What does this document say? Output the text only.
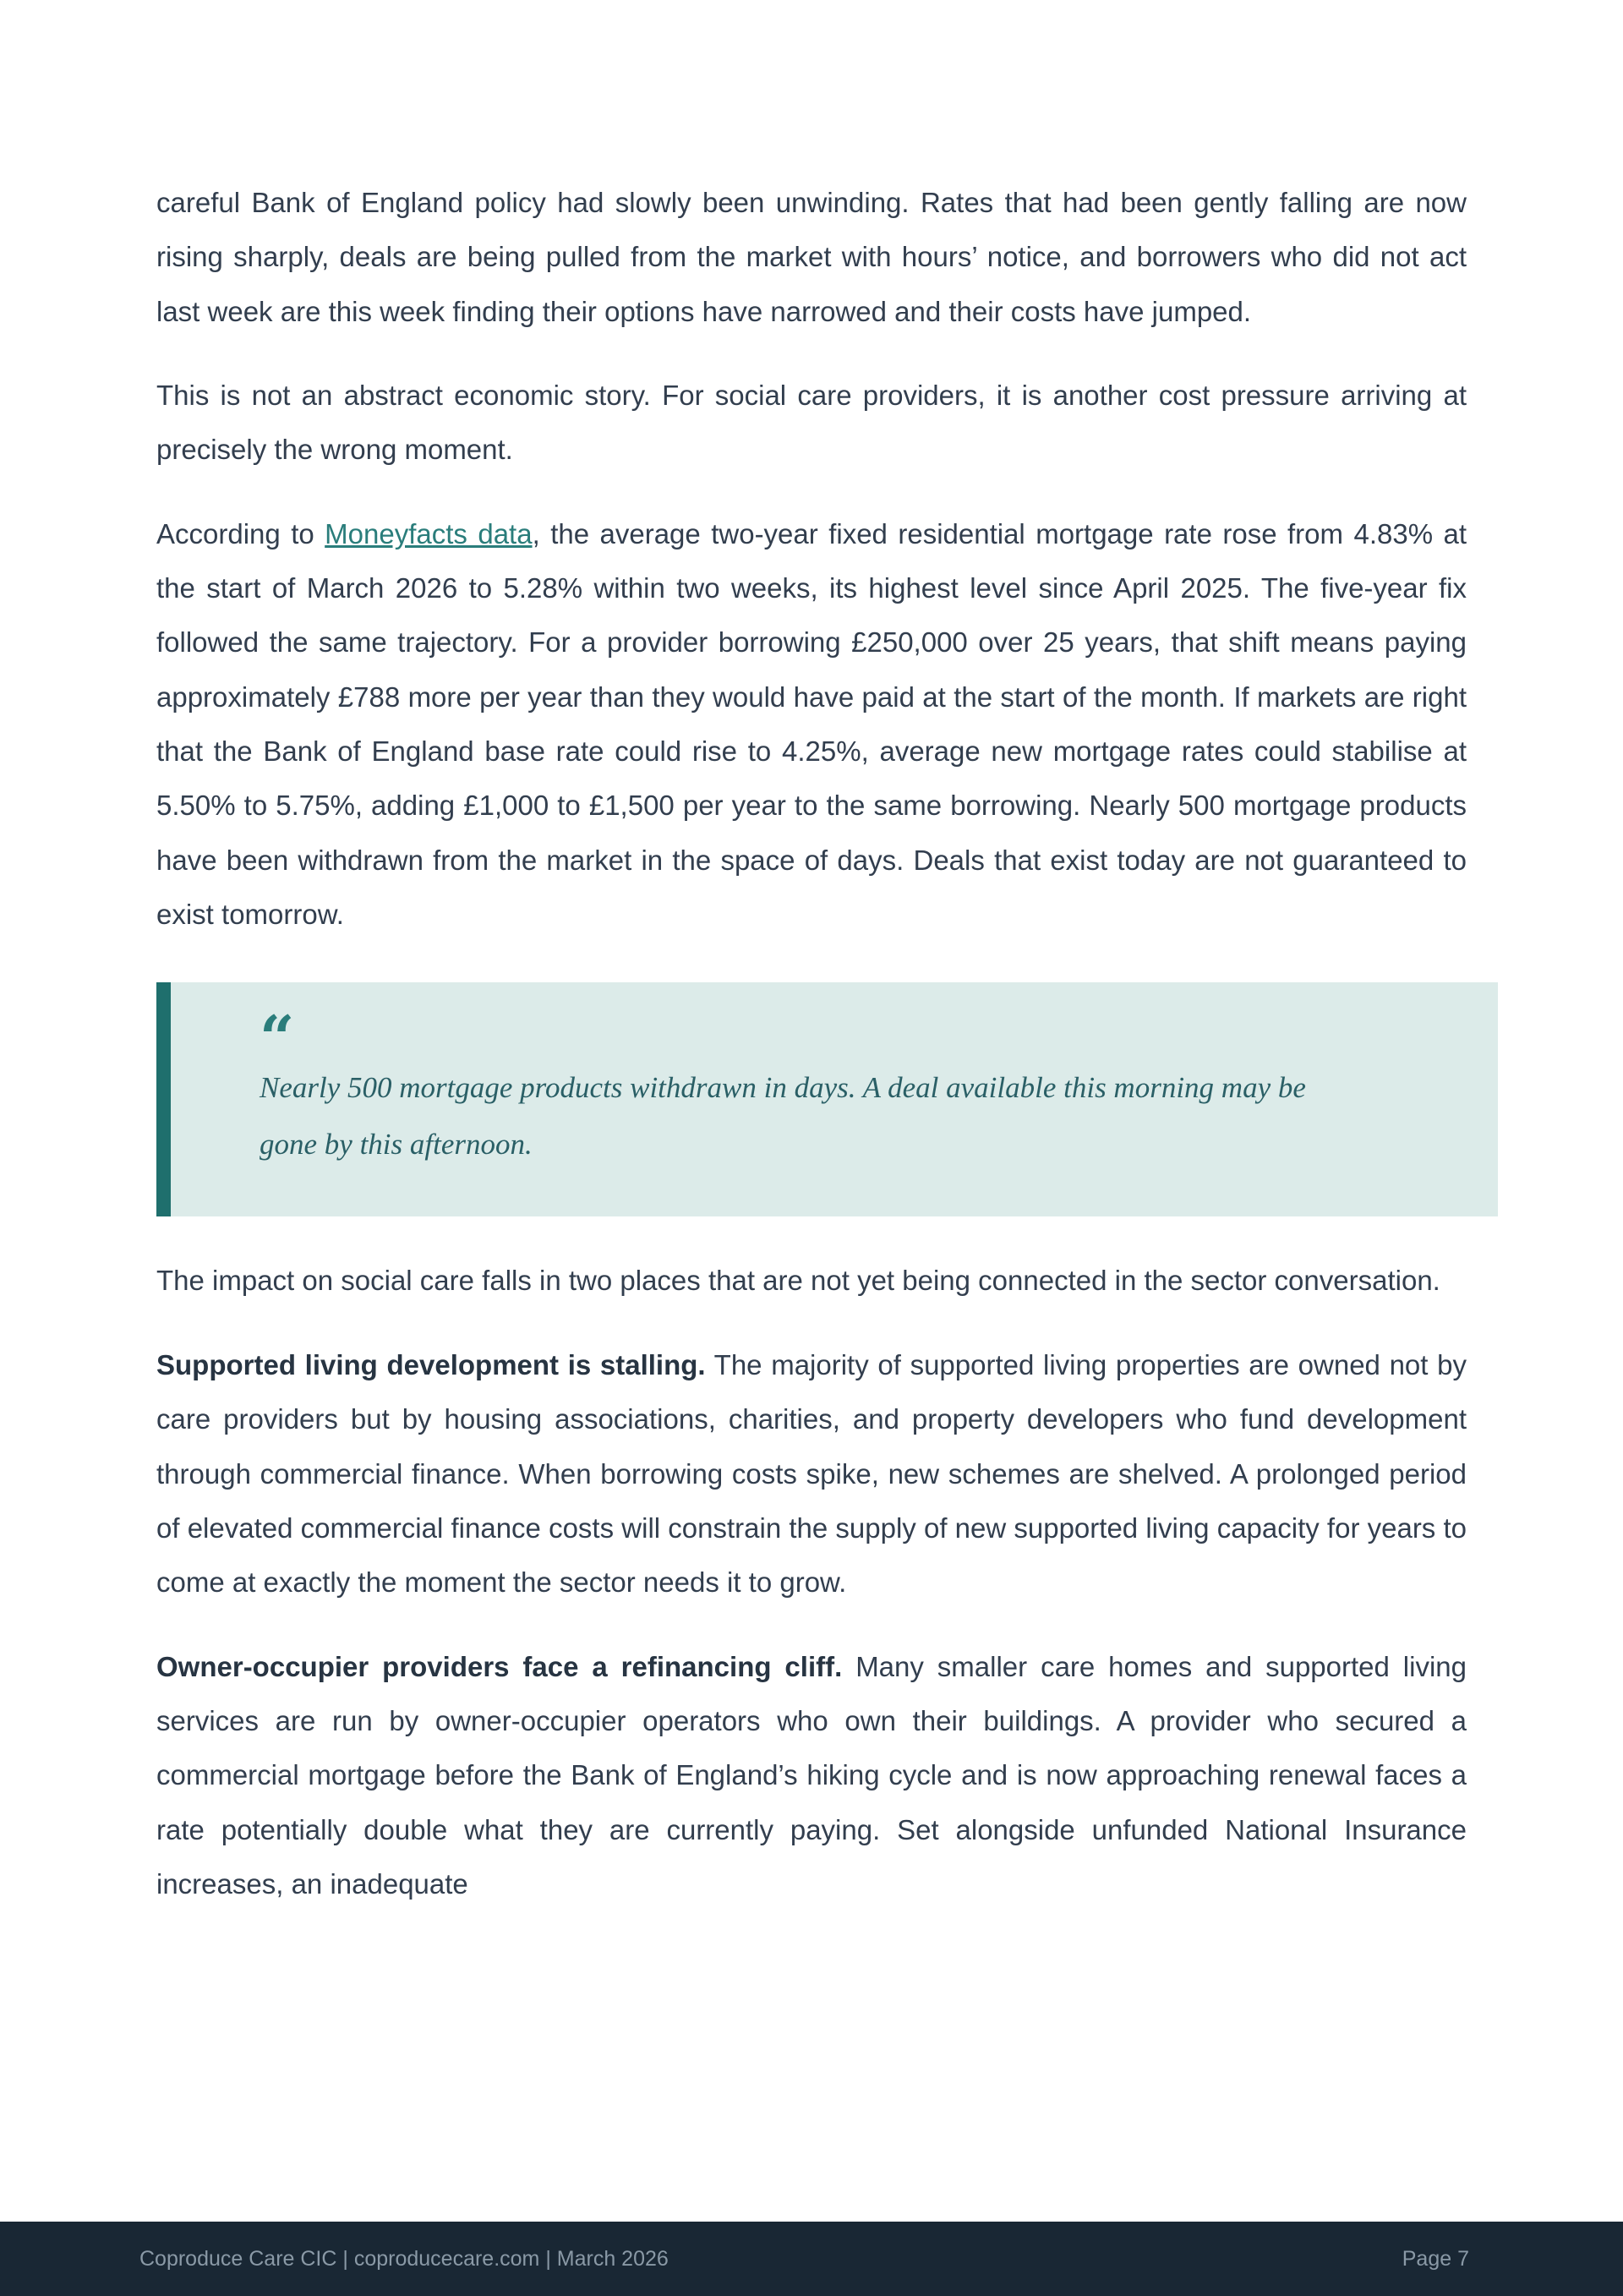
careful Bank of England policy had slowly been unwinding. Rates that had been gently falling are now rising sharply, deals are being pulled from the market with hours’ notice, and borrowers who did not act last week are this week finding their options have narrowed and their costs have jumped.

This is not an abstract economic story. For social care providers, it is another cost pressure arriving at precisely the wrong moment.

According to Moneyfacts data, the average two-year fixed residential mortgage rate rose from 4.83% at the start of March 2026 to 5.28% within two weeks, its highest level since April 2025. The five-year fix followed the same trajectory. For a provider borrowing £250,000 over 25 years, that shift means paying approximately £788 more per year than they would have paid at the start of the month. If markets are right that the Bank of England base rate could rise to 4.25%, average new mortgage rates could stabilise at 5.50% to 5.75%, adding £1,000 to £1,500 per year to the same borrowing. Nearly 500 mortgage products have been withdrawn from the market in the space of days. Deals that exist today are not guaranteed to exist tomorrow.

“
Nearly 500 mortgage products withdrawn in days. A deal available this morning may be gone by this afternoon.

The impact on social care falls in two places that are not yet being connected in the sector conversation.

Supported living development is stalling. The majority of supported living properties are owned not by care providers but by housing associations, charities, and property developers who fund development through commercial finance. When borrowing costs spike, new schemes are shelved. A prolonged period of elevated commercial finance costs will constrain the supply of new supported living capacity for years to come at exactly the moment the sector needs it to grow.

Owner-occupier providers face a refinancing cliff. Many smaller care homes and supported living services are run by owner-occupier operators who own their buildings. A provider who secured a commercial mortgage before the Bank of England’s hiking cycle and is now approaching renewal faces a rate potentially double what they are currently paying. Set alongside unfunded National Insurance increases, an inadequate

Coproduce Care CIC | coproducecare.com | March 2026	Page 7
